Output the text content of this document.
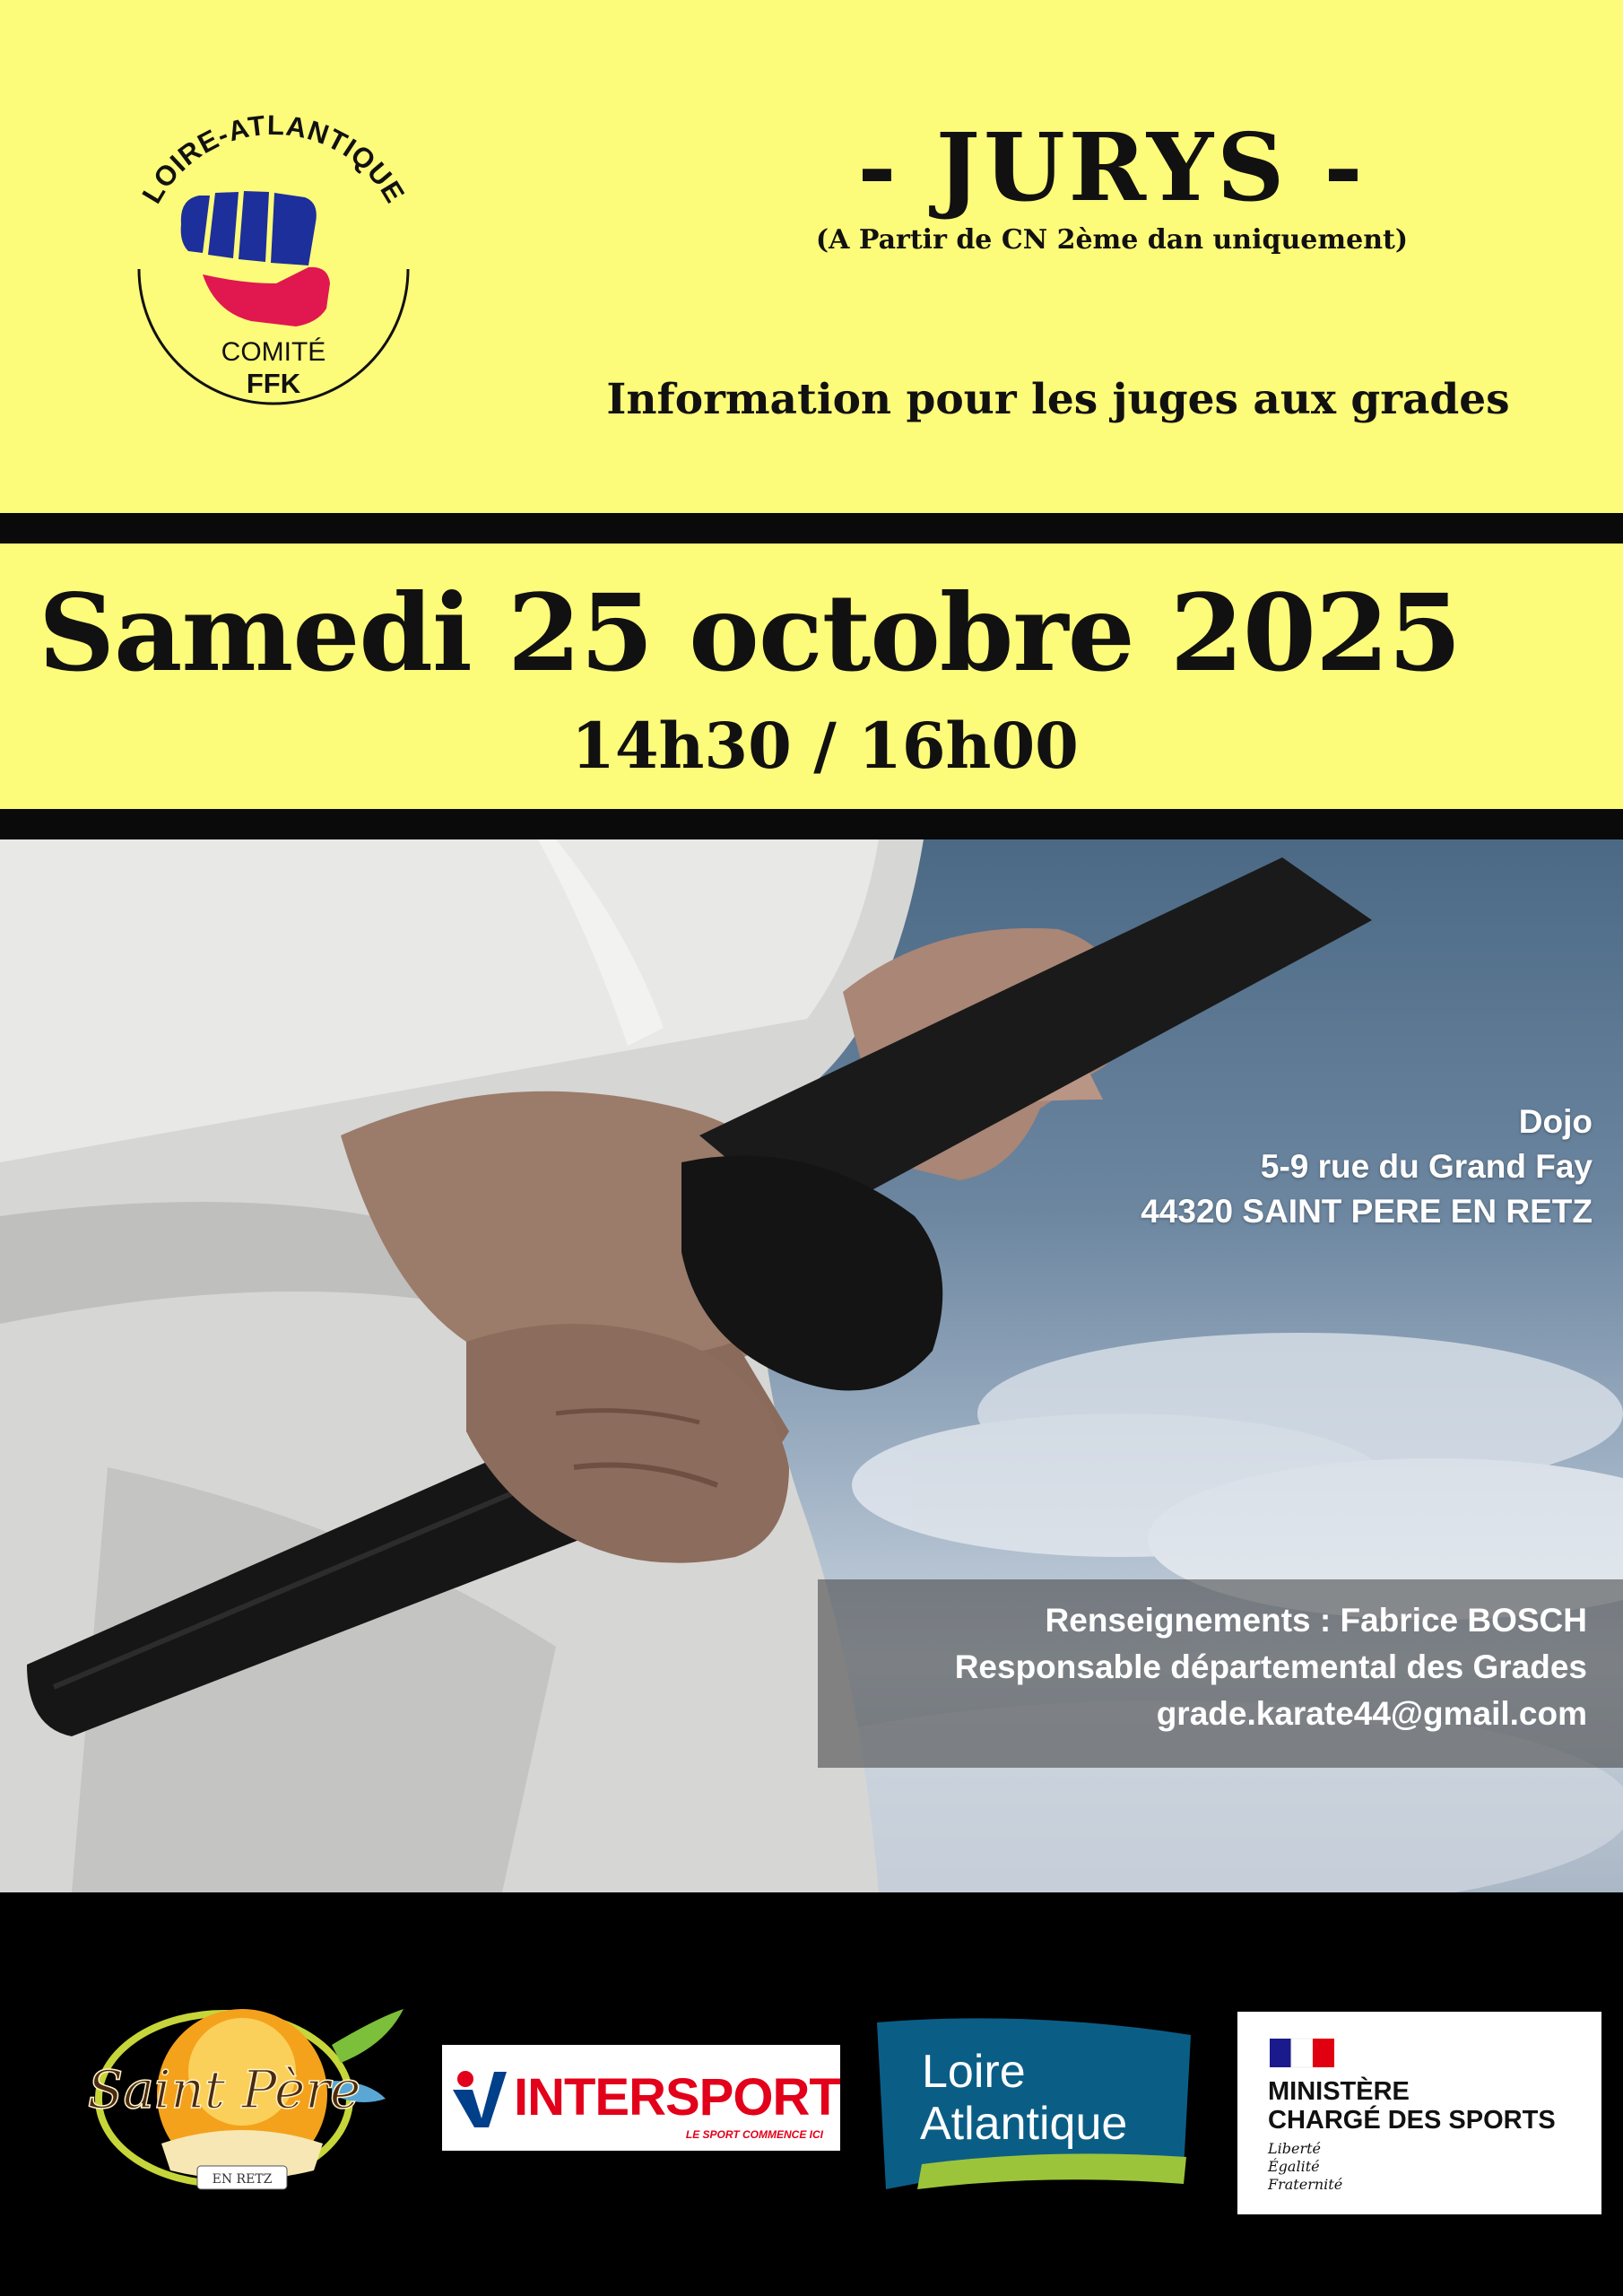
LOIRE-ATLANTIQUE
COMITÉ
FFK
- JURYS -
(A Partir de CN 2ème dan uniquement)
Information pour les juges aux grades
Samedi 25 octobre 2025
14h30 / 16h00
Dojo
5-9 rue du Grand Fay
44320 SAINT PERE EN RETZ
Renseignements : Fabrice BOSCH
Responsable départemental des Grades
grade.karate44@gmail.com
Saint Père
EN RETZ
INTERSPORT
LE SPORT COMMENCE ICI
Loire
Atlantique
MINISTÈRE
CHARGÉ DES SPORTS
Liberté
Égalité
Fraternité
